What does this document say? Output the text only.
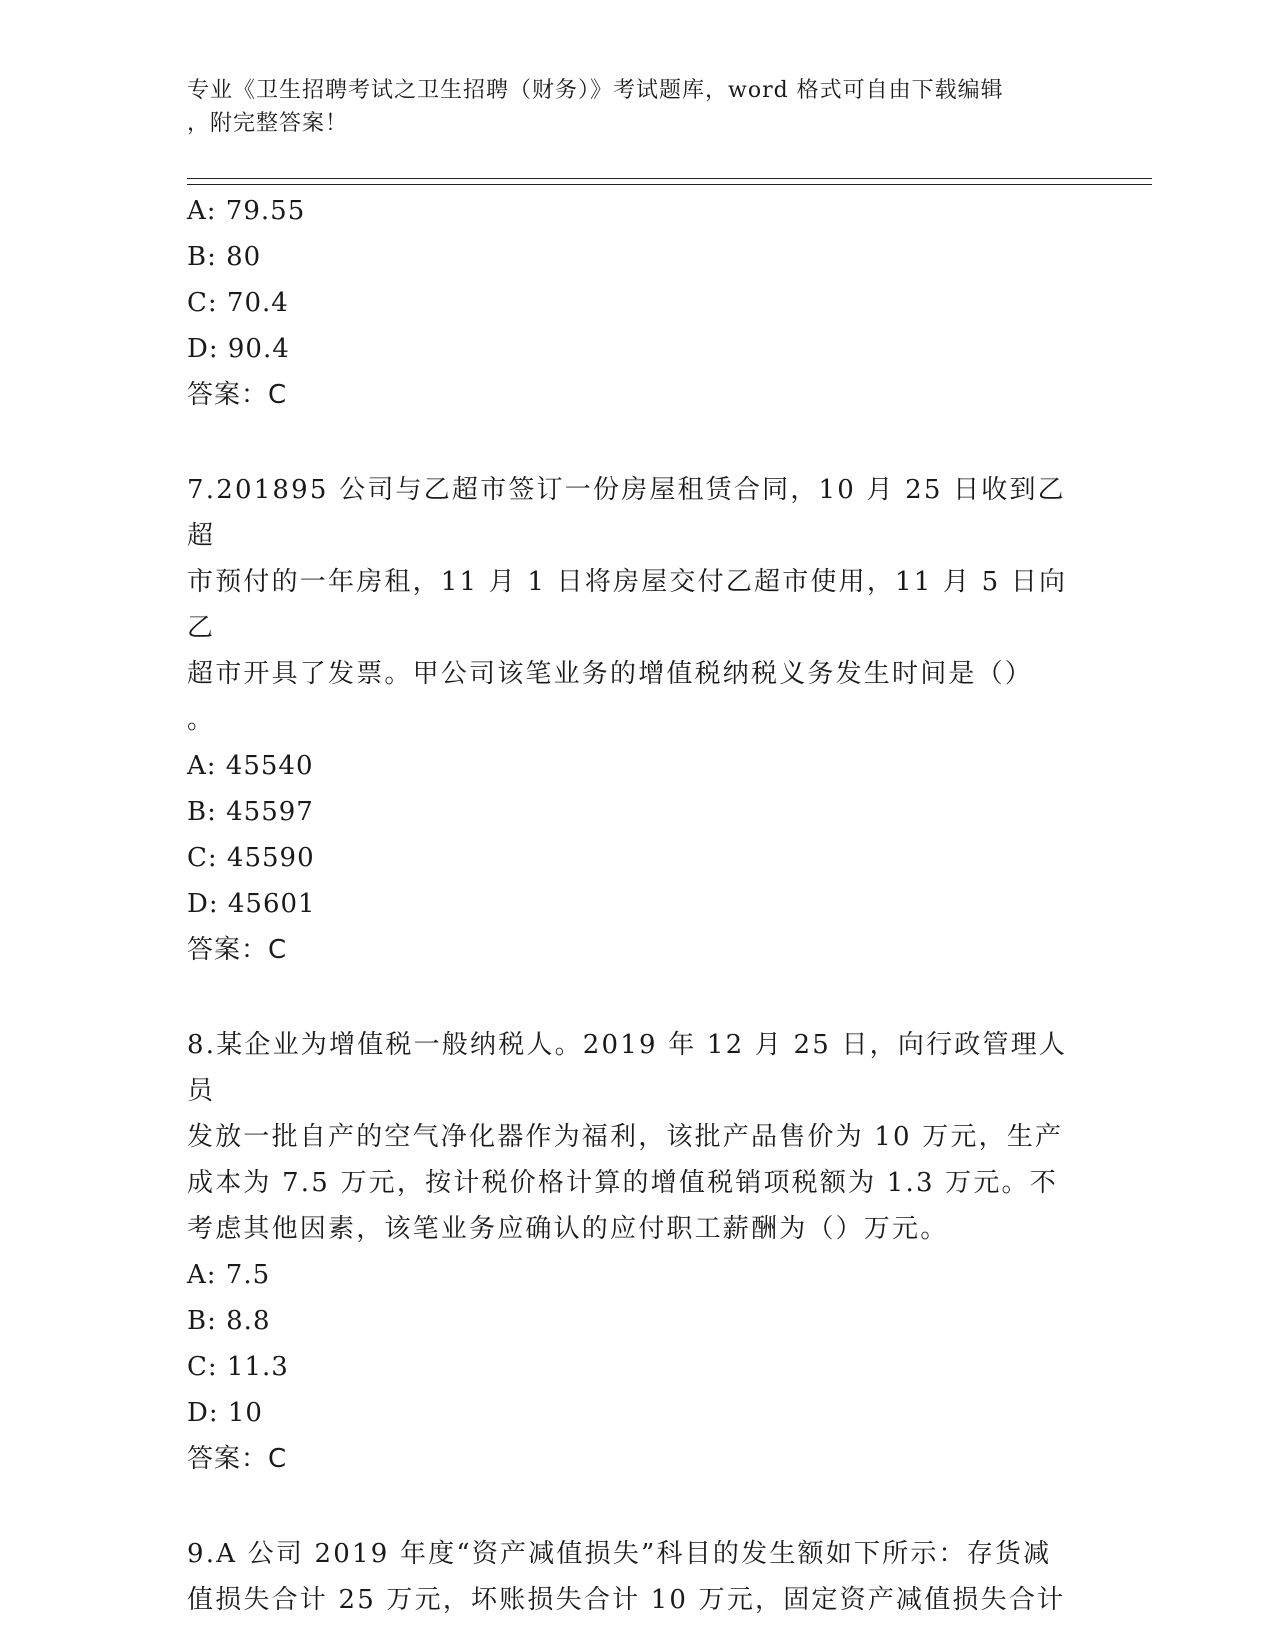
专业《卫生招聘考试之卫生招聘（财务）》考试题库，word 格式可自由下载编辑
，附完整答案！
A: 79.55
B: 80
C: 70.4
D: 90.4
答案：C
7.201895 公司与乙超市签订一份房屋租赁合同，10 月 25 日收到乙超
市预付的一年房租，11 月 1 日将房屋交付乙超市使用，11 月 5 日向乙
超市开具了发票。甲公司该笔业务的增值税纳税义务发生时间是（）
。
A: 45540
B: 45597
C: 45590
D: 45601
答案：C
8.某企业为增值税一般纳税人。2019 年 12 月 25 日，向行政管理人员
发放一批自产的空气净化器作为福利，该批产品售价为 10 万元，生产
成本为 7.5 万元，按计税价格计算的增值税销项税额为 1.3 万元。不
考虑其他因素，该笔业务应确认的应付职工薪酬为（）万元。
A: 7.5
B: 8.8
C: 11.3
D: 10
答案：C
9.A 公司 2019 年度“资产减值损失”科目的发生额如下所示：存货减
值损失合计 25 万元，坏账损失合计 10 万元，固定资产减值损失合计
